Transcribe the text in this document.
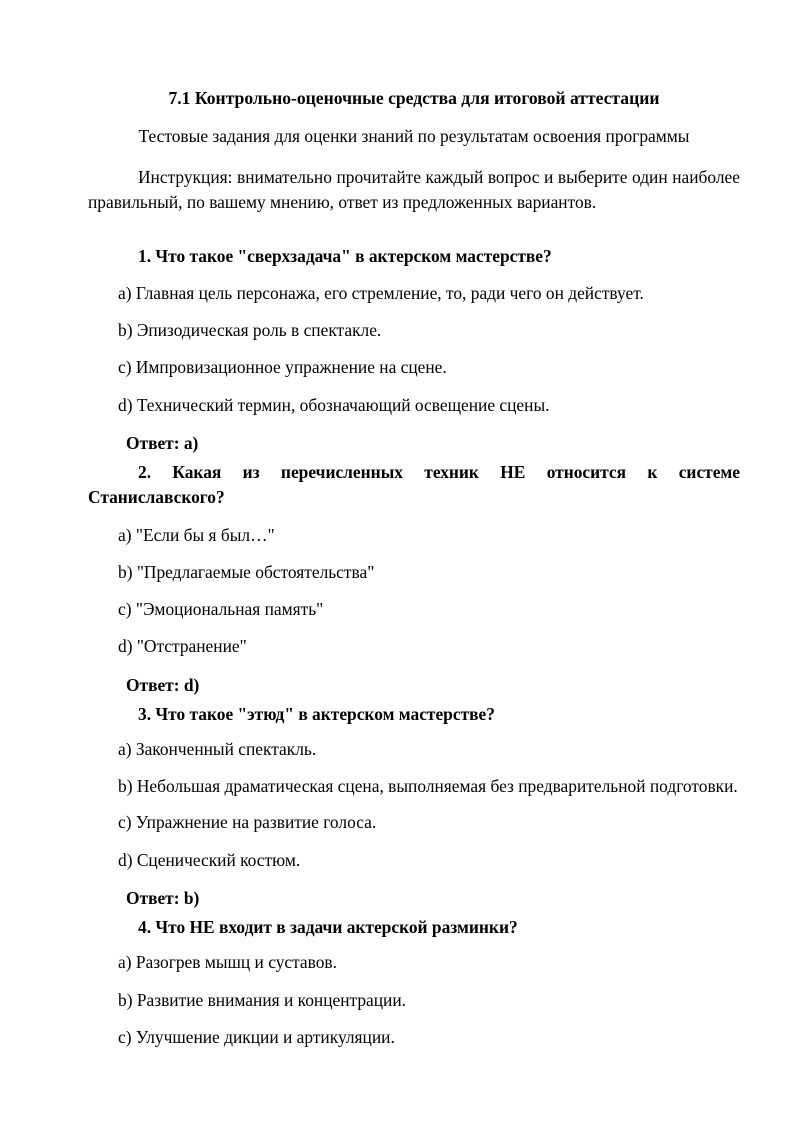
7.1 Контрольно-оценочные средства для итоговой аттестации

Тестовые задания для оценки знаний по результатам освоения программы

Инструкция: внимательно прочитайте каждый вопрос и выберите один наиболее правильный, по вашему мнению, ответ из предложенных вариантов.

1. Что такое "сверхзадача" в актерском мастерстве?

a) Главная цель персонажа, его стремление, то, ради чего он действует.

b) Эпизодическая роль в спектакле.

c) Импровизационное упражнение на сцене.

d) Технический термин, обозначающий освещение сцены.

Ответ: a)

2. Какая из перечисленных техник НЕ относится к системе Станиславского?

a) "Если бы я был…"

b) "Предлагаемые обстоятельства"

c) "Эмоциональная память"

d) "Отстранение"

Ответ: d)

3. Что такое "этюд" в актерском мастерстве?

a) Законченный спектакль.

b) Небольшая драматическая сцена, выполняемая без предварительной подготовки.

c) Упражнение на развитие голоса.

d) Сценический костюм.

Ответ: b)

4. Что НЕ входит в задачи актерской разминки?

a) Разогрев мышц и суставов.

b) Развитие внимания и концентрации.

c) Улучшение дикции и артикуляции.
